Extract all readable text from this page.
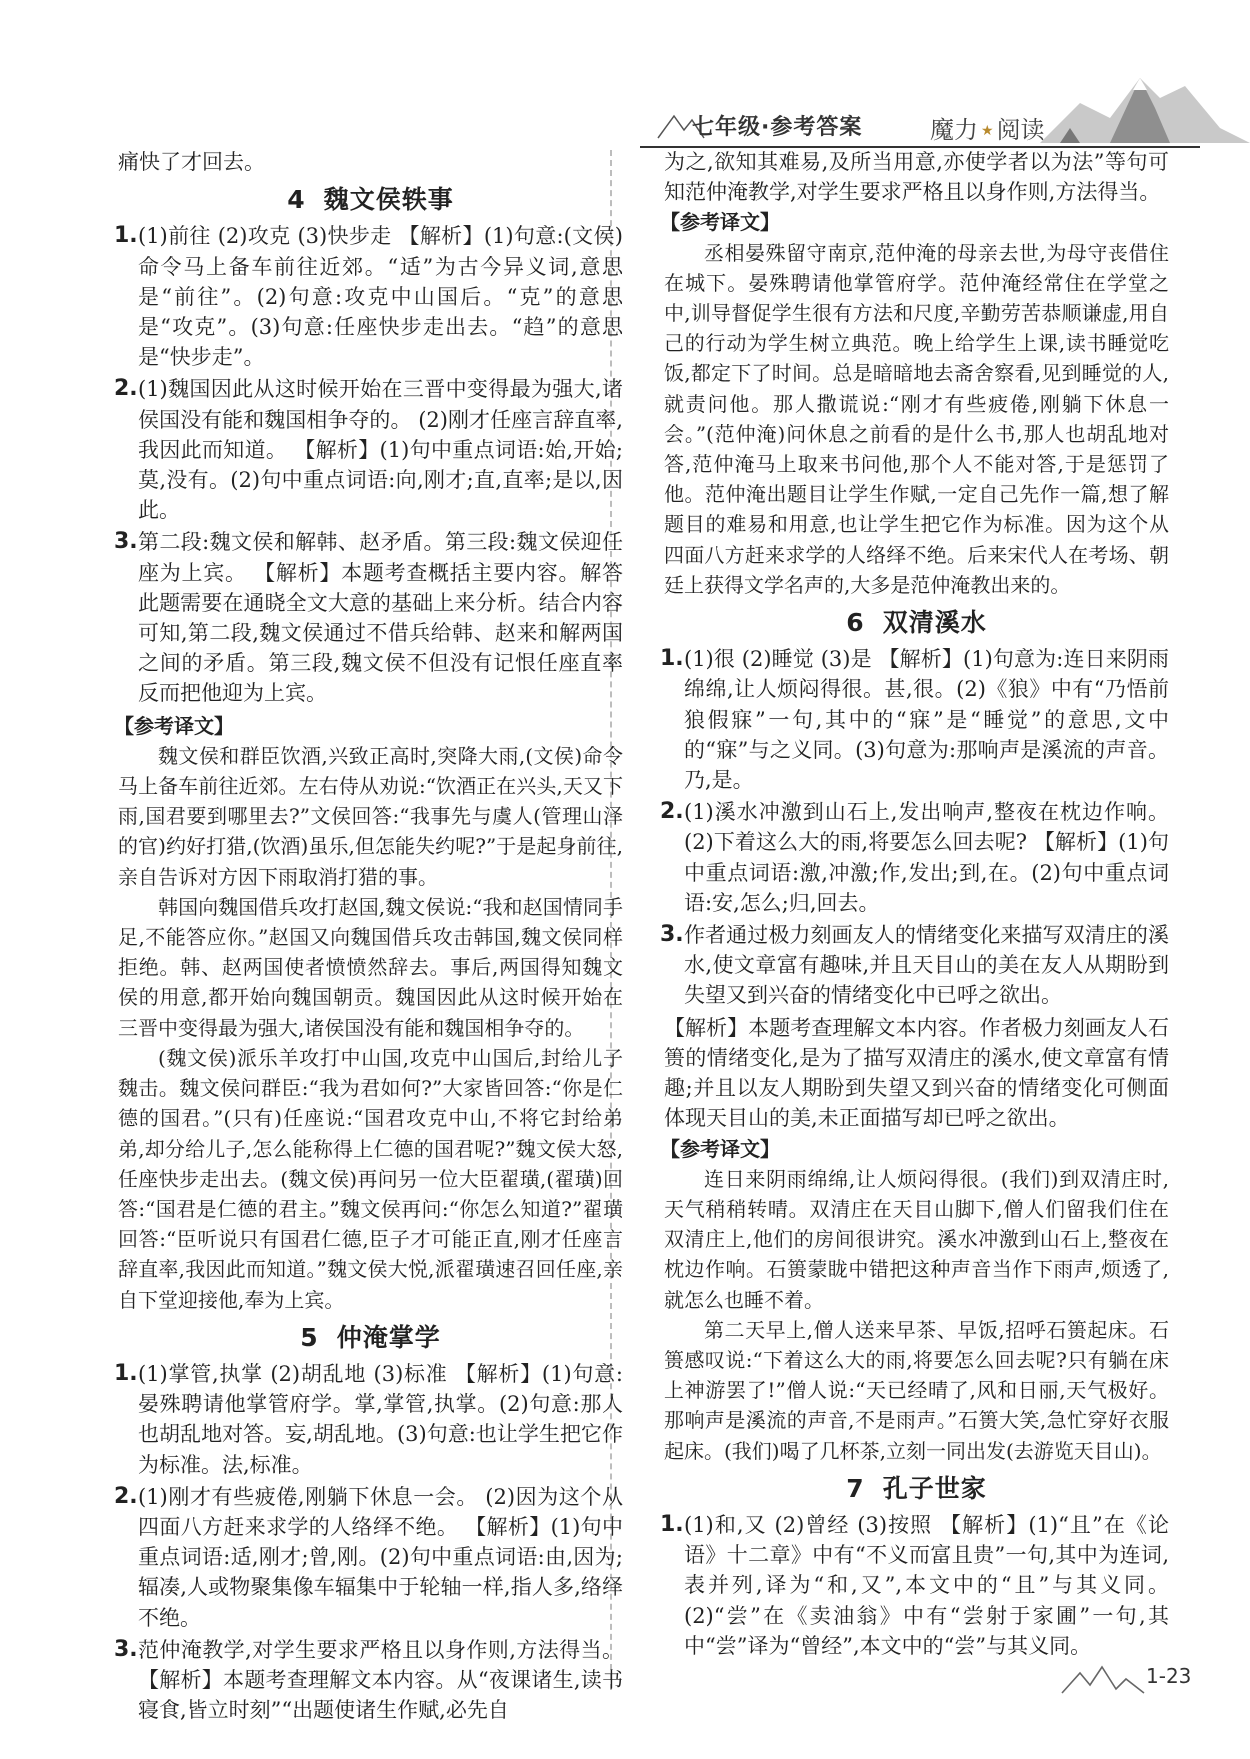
七年级·参考答案	魔力 ★ 阅读

痛快了才回去。

4 魏文侯轶事
1. (1)前往 (2)攻克 (3)快步走 【解析】(1)句意:(文侯)命令马上备车前往近郊。“适”为古今异义词,意思是“前往”。(2)句意:攻克中山国后。“克”的意思是“攻克”。(3)句意:任座快步走出去。“趋”的意思是“快步走”。
2. (1)魏国因此从这时候开始在三晋中变得最为强大,诸侯国没有能和魏国相争夺的。 (2)刚才任座言辞直率,我因此而知道。 【解析】(1)句中重点词语:始,开始;莫,没有。(2)句中重点词语:向,刚才;直,直率;是以,因此。
3. 第二段:魏文侯和解韩、赵矛盾。第三段:魏文侯迎任座为上宾。 【解析】本题考查概括主要内容。解答此题需要在通晓全文大意的基础上来分析。结合内容可知,第二段,魏文侯通过不借兵给韩、赵来和解两国之间的矛盾。第三段,魏文侯不但没有记恨任座直率反而把他迎为上宾。
【参考译文】

魏文侯和群臣饮酒,兴致正高时,突降大雨,(文侯)命令马上备车前往近郊。左右侍从劝说:“饮酒正在兴头,天又下雨,国君要到哪里去?”文侯回答:“我事先与虞人(管理山泽的官)约好打猎,(饮酒)虽乐,但怎能失约呢?”于是起身前往,亲自告诉对方因下雨取消打猎的事。

韩国向魏国借兵攻打赵国,魏文侯说:“我和赵国情同手足,不能答应你。”赵国又向魏国借兵攻击韩国,魏文侯同样拒绝。韩、赵两国使者愤愤然辞去。事后,两国得知魏文侯的用意,都开始向魏国朝贡。魏国因此从这时候开始在三晋中变得最为强大,诸侯国没有能和魏国相争夺的。

(魏文侯)派乐羊攻打中山国,攻克中山国后,封给儿子魏击。魏文侯问群臣:“我为君如何?”大家皆回答:“你是仁德的国君。”(只有)任座说:“国君攻克中山,不将它封给弟弟,却分给儿子,怎么能称得上仁德的国君呢?”魏文侯大怒,任座快步走出去。(魏文侯)再问另一位大臣翟璜,(翟璜)回答:“国君是仁德的君主。”魏文侯再问:“你怎么知道?”翟璜回答:“臣听说只有国君仁德,臣子才可能正直,刚才任座言辞直率,我因此而知道。”魏文侯大悦,派翟璜速召回任座,亲自下堂迎接他,奉为上宾。

5 仲淹掌学
1. (1)掌管,执掌 (2)胡乱地 (3)标准 【解析】(1)句意:晏殊聘请他掌管府学。掌,掌管,执掌。(2)句意:那人也胡乱地对答。妄,胡乱地。(3)句意:也让学生把它作为标准。法,标准。
2. (1)刚才有些疲倦,刚躺下休息一会。 (2)因为这个从四面八方赶来求学的人络绎不绝。 【解析】(1)句中重点词语:适,刚才;曾,刚。(2)句中重点词语:由,因为;辐凑,人或物聚集像车辐集中于轮轴一样,指人多,络绎不绝。
3. 范仲淹教学,对学生要求严格且以身作则,方法得当。 【解析】本题考查理解文本内容。从“夜课诸生,读书寝食,皆立时刻”“出题使诸生作赋,必先自

为之,欲知其难易,及所当用意,亦使学者以为法”等句可知范仲淹教学,对学生要求严格且以身作则,方法得当。

【参考译文】

丞相晏殊留守南京,范仲淹的母亲去世,为母守丧借住在城下。晏殊聘请他掌管府学。范仲淹经常住在学堂之中,训导督促学生很有方法和尺度,辛勤劳苦恭顺谦虚,用自己的行动为学生树立典范。晚上给学生上课,读书睡觉吃饭,都定下了时间。总是暗暗地去斋舍察看,见到睡觉的人,就责问他。那人撒谎说:“刚才有些疲倦,刚躺下休息一会。”(范仲淹)问休息之前看的是什么书,那人也胡乱地对答,范仲淹马上取来书问他,那个人不能对答,于是惩罚了他。范仲淹出题目让学生作赋,一定自己先作一篇,想了解题目的难易和用意,也让学生把它作为标准。因为这个从四面八方赶来求学的人络绎不绝。后来宋代人在考场、朝廷上获得文学名声的,大多是范仲淹教出来的。

6 双清溪水
1. (1)很 (2)睡觉 (3)是 【解析】(1)句意为:连日来阴雨绵绵,让人烦闷得很。甚,很。(2)《狼》中有“乃悟前狼假寐”一句,其中的“寐”是“睡觉”的意思,文中的“寐”与之义同。(3)句意为:那响声是溪流的声音。乃,是。
2. (1)溪水冲激到山石上,发出响声,整夜在枕边作响。 (2)下着这么大的雨,将要怎么回去呢? 【解析】(1)句中重点词语:激,冲激;作,发出;到,在。(2)句中重点词语:安,怎么;归,回去。
3. 作者通过极力刻画友人的情绪变化来描写双清庄的溪水,使文章富有趣味,并且天目山的美在友人从期盼到失望又到兴奋的情绪变化中已呼之欲出。

【解析】本题考查理解文本内容。作者极力刻画友人石篑的情绪变化,是为了描写双清庄的溪水,使文章富有情趣;并且以友人期盼到失望又到兴奋的情绪变化可侧面体现天目山的美,未正面描写却已呼之欲出。

【参考译文】

连日来阴雨绵绵,让人烦闷得很。(我们)到双清庄时,天气稍稍转晴。双清庄在天目山脚下,僧人们留我们住在双清庄上,他们的房间很讲究。溪水冲激到山石上,整夜在枕边作响。石篑蒙眬中错把这种声音当作下雨声,烦透了,就怎么也睡不着。

第二天早上,僧人送来早茶、早饭,招呼石篑起床。石篑感叹说:“下着这么大的雨,将要怎么回去呢?只有躺在床上神游罢了!”僧人说:“天已经晴了,风和日丽,天气极好。那响声是溪流的声音,不是雨声。”石篑大笑,急忙穿好衣服起床。(我们)喝了几杯茶,立刻一同出发(去游览天目山)。

7 孔子世家
1. (1)和,又 (2)曾经 (3)按照 【解析】(1)“且”在《论语》十二章》中有“不义而富且贵”一句,其中为连词,表并列,译为“和,又”,本文中的“且”与其义同。(2)“尝”在《卖油翁》中有“尝射于家圃”一句,其中“尝”译为“曾经”,本文中的“尝”与其义同。
1-23
